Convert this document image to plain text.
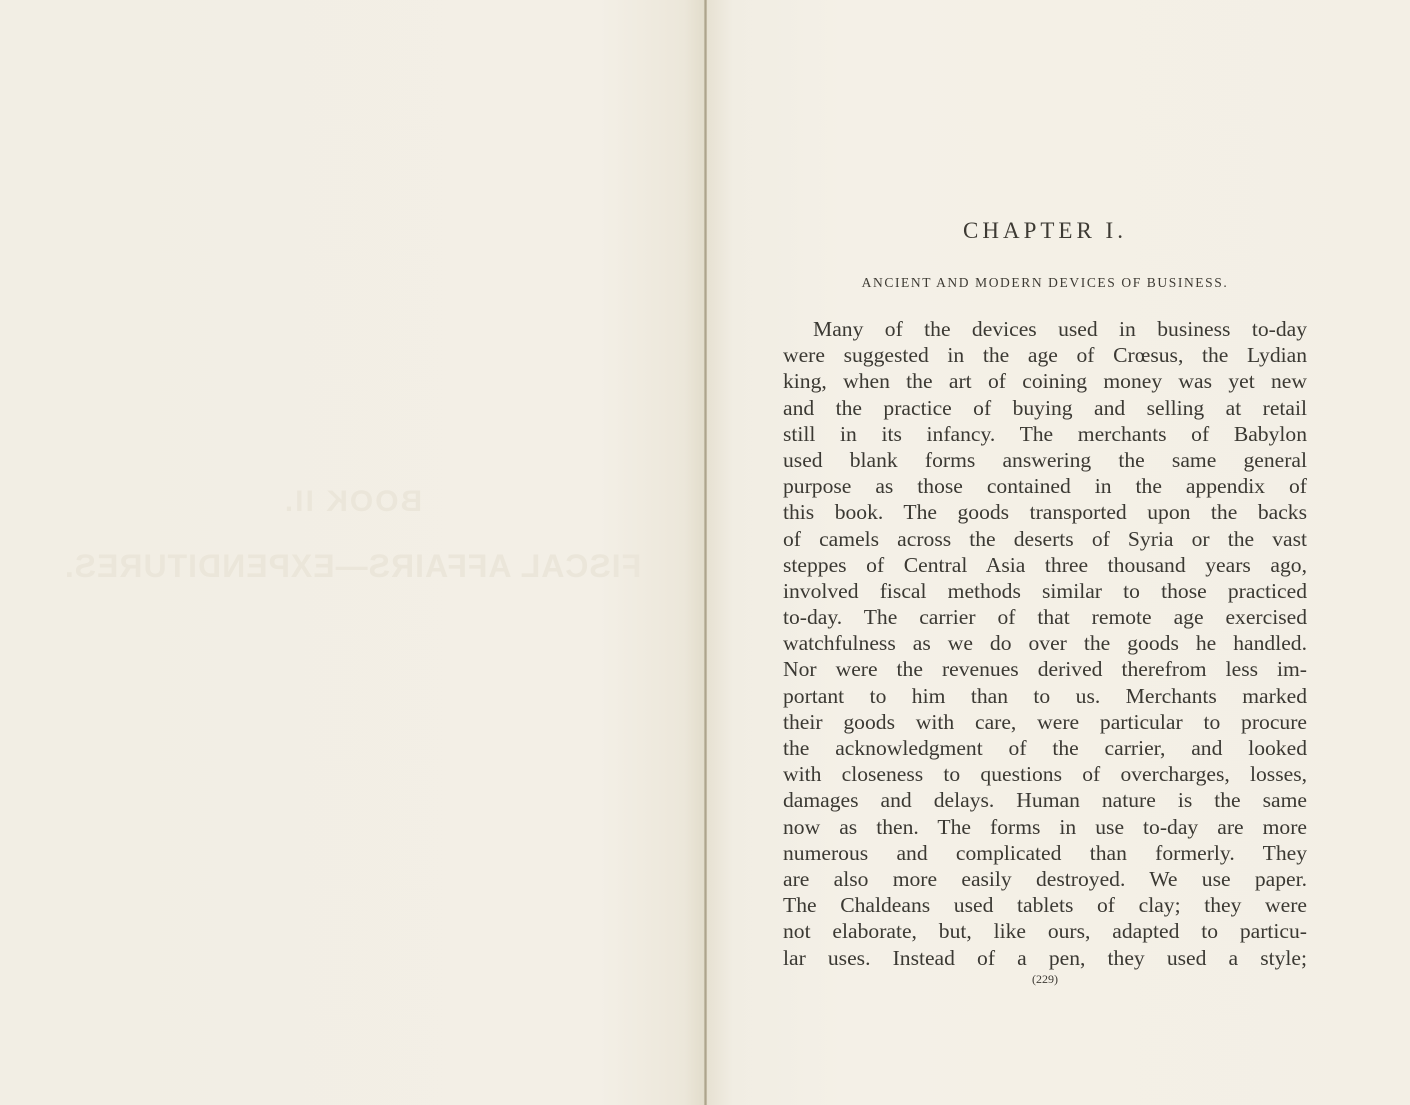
BOOK II.
FISCAL AFFAIRS—EXPENDITURES.
CHAPTER I.
ANCIENT AND MODERN DEVICES OF BUSINESS.
Many of the devices used in business to-day
were suggested in the age of Crœsus, the Lydian
king, when the art of coining money was yet new
and the practice of buying and selling at retail
still in its infancy. The merchants of Babylon
used blank forms answering the same general
purpose as those contained in the appendix of
this book. The goods transported upon the backs
of camels across the deserts of Syria or the vast
steppes of Central Asia three thousand years ago,
involved fiscal methods similar to those practiced
to-day. The carrier of that remote age exercised
watchfulness as we do over the goods he handled.
Nor were the revenues derived therefrom less im-
portant to him than to us. Merchants marked
their goods with care, were particular to procure
the acknowledgment of the carrier, and looked
with closeness to questions of overcharges, losses,
damages and delays. Human nature is the same
now as then. The forms in use to-day are more
numerous and complicated than formerly. They
are also more easily destroyed. We use paper.
The Chaldeans used tablets of clay; they were
not elaborate, but, like ours, adapted to particu-
lar uses. Instead of a pen, they used a style;
(229)
